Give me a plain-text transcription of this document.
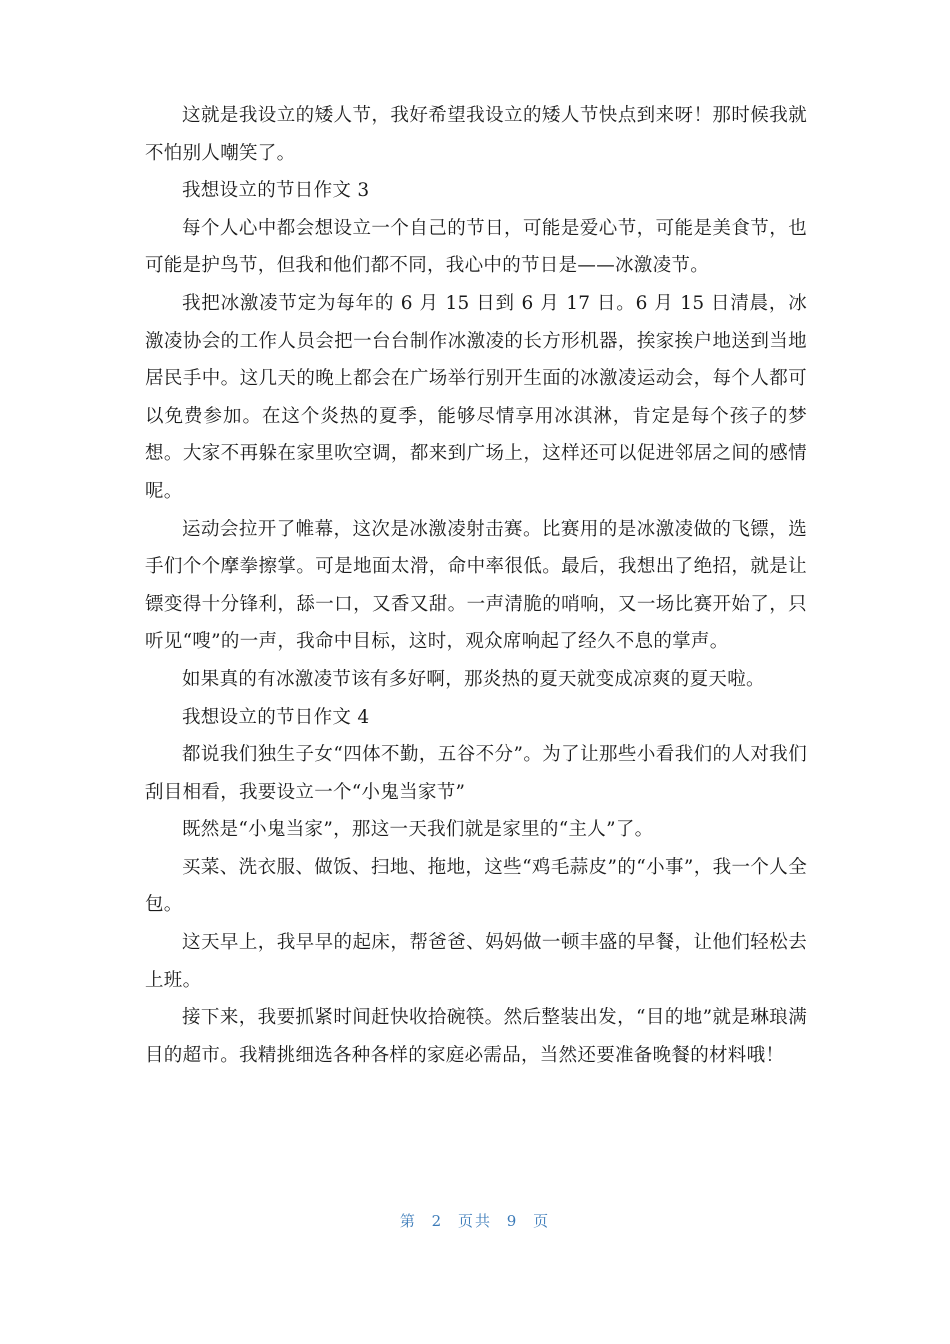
这就是我设立的矮人节，我好希望我设立的矮人节快点到来呀！那时候我就不怕别人嘲笑了。

我想设立的节日作文 3

每个人心中都会想设立一个自己的节日，可能是爱心节，可能是美食节，也可能是护鸟节，但我和他们都不同，我心中的节日是——冰激凌节。

我把冰激凌节定为每年的 6 月 15 日到 6 月 17 日。6 月 15 日清晨，冰激凌协会的工作人员会把一台台制作冰激凌的长方形机器，挨家挨户地送到当地居民手中。这几天的晚上都会在广场举行别开生面的冰激凌运动会，每个人都可以免费参加。在这个炎热的夏季，能够尽情享用冰淇淋，肯定是每个孩子的梦想。大家不再躲在家里吹空调，都来到广场上，这样还可以促进邻居之间的感情呢。

运动会拉开了帷幕，这次是冰激凌射击赛。比赛用的是冰激凌做的飞镖，选手们个个摩拳擦掌。可是地面太滑，命中率很低。最后，我想出了绝招，就是让镖变得十分锋利，舔一口，又香又甜。一声清脆的哨响，又一场比赛开始了，只听见“嗖”的一声，我命中目标，这时，观众席响起了经久不息的掌声。

如果真的有冰激凌节该有多好啊，那炎热的夏天就变成凉爽的夏天啦。

我想设立的节日作文 4

都说我们独生子女“四体不勤，五谷不分”。为了让那些小看我们的人对我们刮目相看，我要设立一个“小鬼当家节”

既然是“小鬼当家”，那这一天我们就是家里的“主人”了。

买菜、洗衣服、做饭、扫地、拖地，这些“鸡毛蒜皮”的“小事”，我一个人全包。

这天早上，我早早的起床，帮爸爸、妈妈做一顿丰盛的早餐，让他们轻松去上班。

接下来，我要抓紧时间赶快收拾碗筷。然后整装出发，“目的地”就是琳琅满目的超市。我精挑细选各种各样的家庭必需品，当然还要准备晚餐的材料哦！

第 2 页共 9 页
